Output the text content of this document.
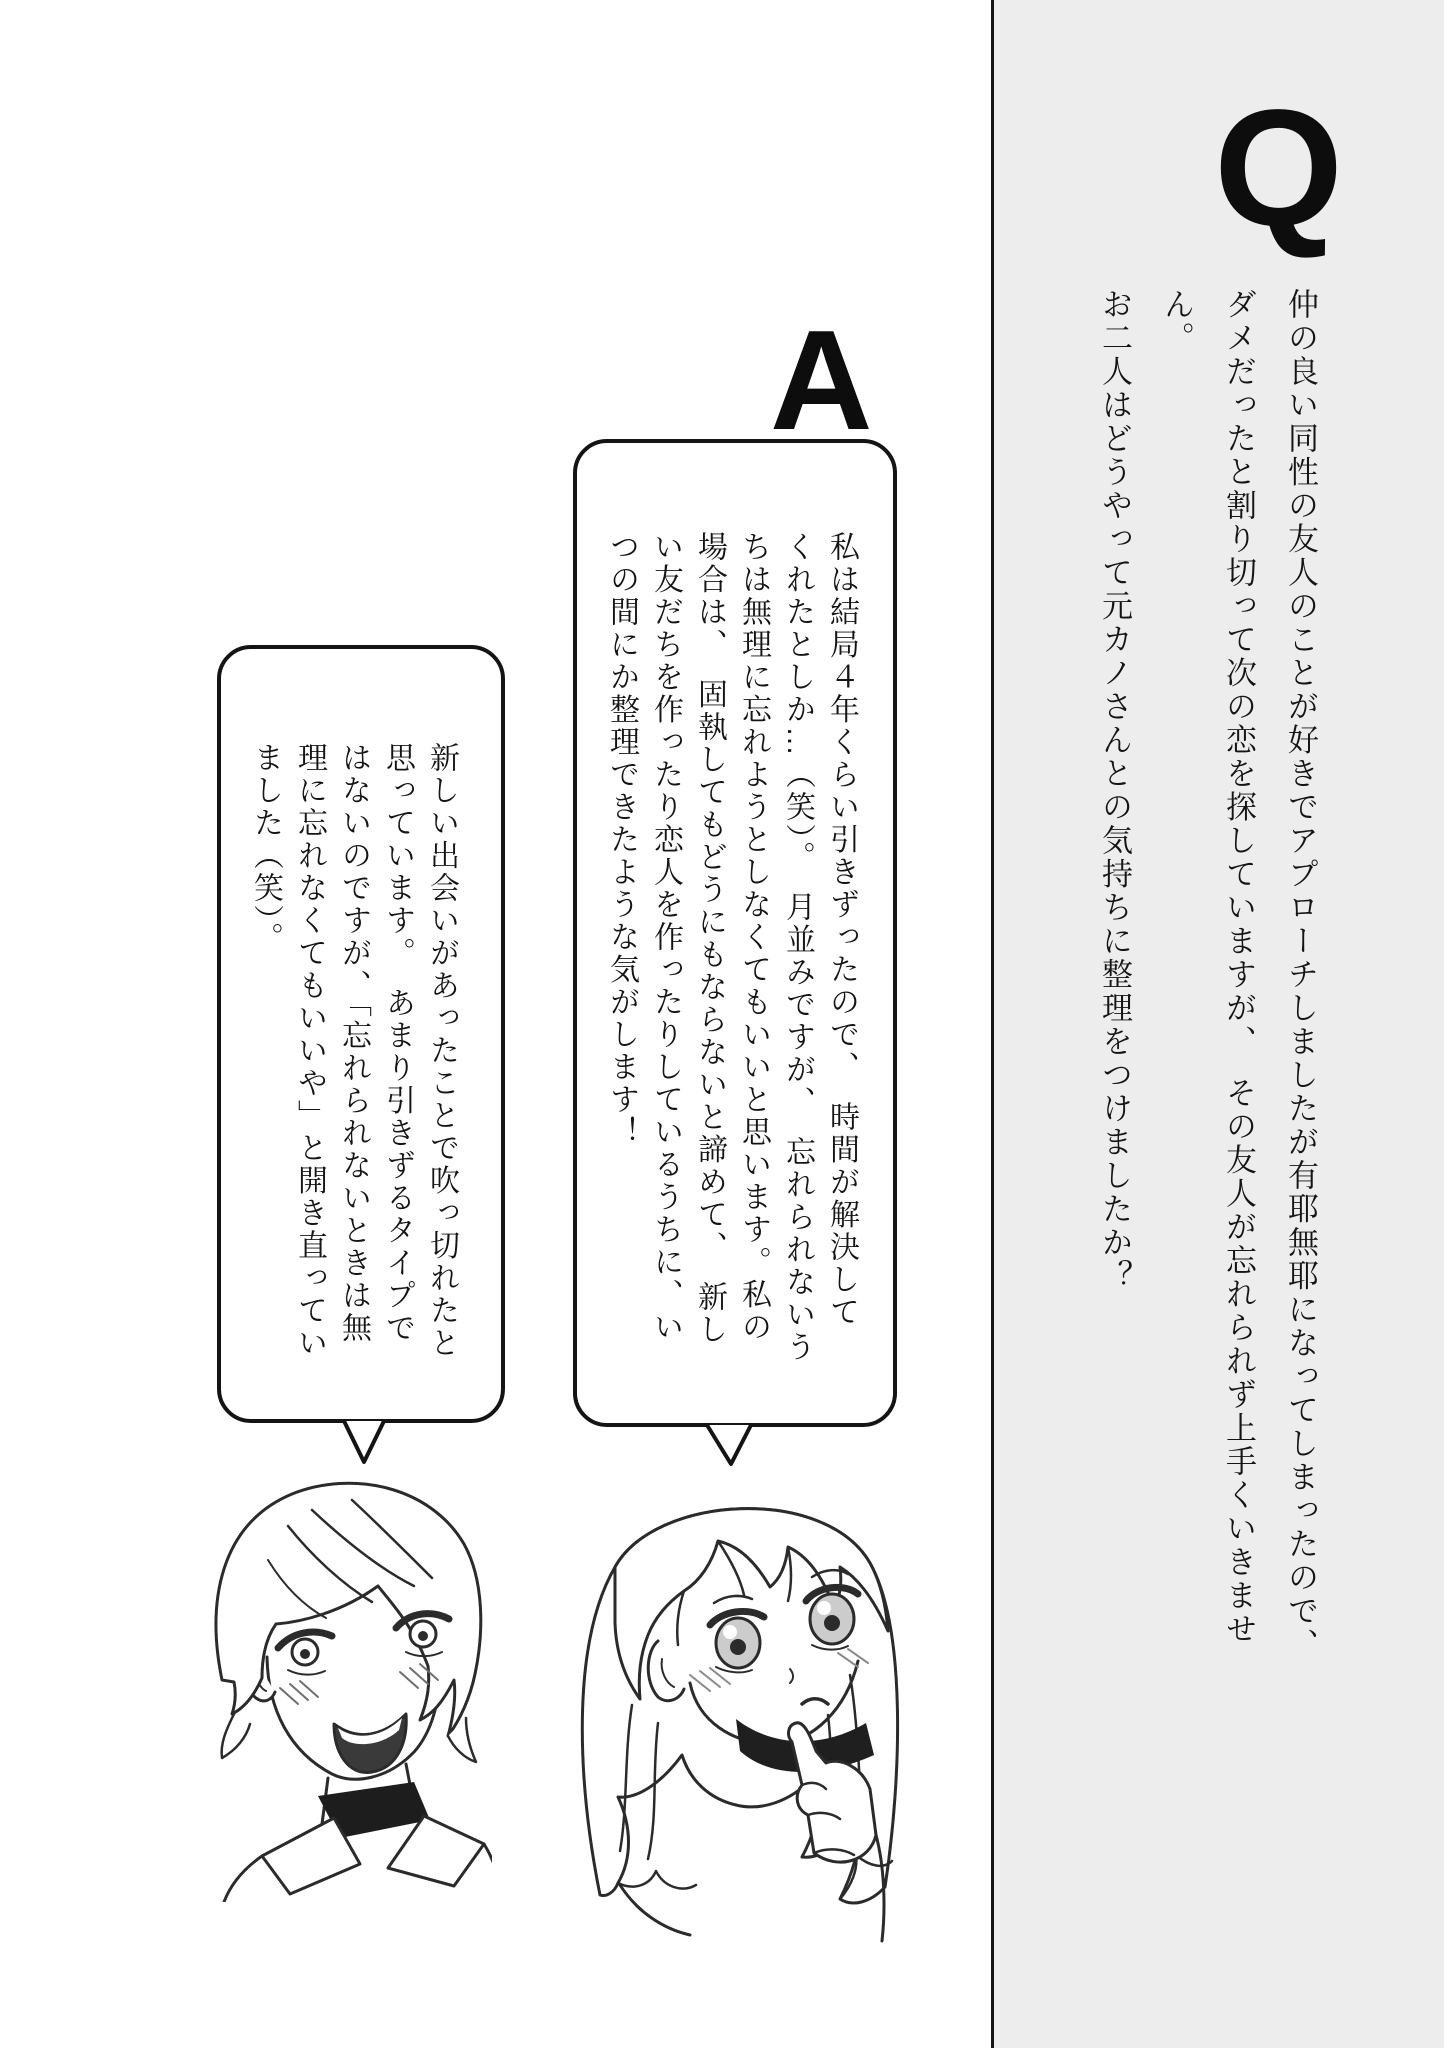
Q

仲の良い同性の友人のことが好きでアプローチしましたが有耶無耶になってしまったので、

ダメだったと割り切って次の恋を探していますが、　その友人が忘れられず上手くいきません。

お二人はどうやって元カノさんとの気持ちに整理をつけましたか？

A

私は結局４年くらい引きずったので、　時間が解決して

くれたとしか…（笑）。　月並みですが、　忘れられないう

ちは無理に忘れようとしなくてもいいと思います。私の

場合は、　固執してもどうにもならないと諦めて、　新し

い友だちを作ったり恋人を作ったりしているうちに、い

つの間にか整理できたような気がします！

新しい出会いがあったことで吹っ切れたと

思っています。　あまり引きずるタイプで

はないのですが、「忘れられないときは無

理に忘れなくてもいいや」と開き直ってい

ました（笑）。
